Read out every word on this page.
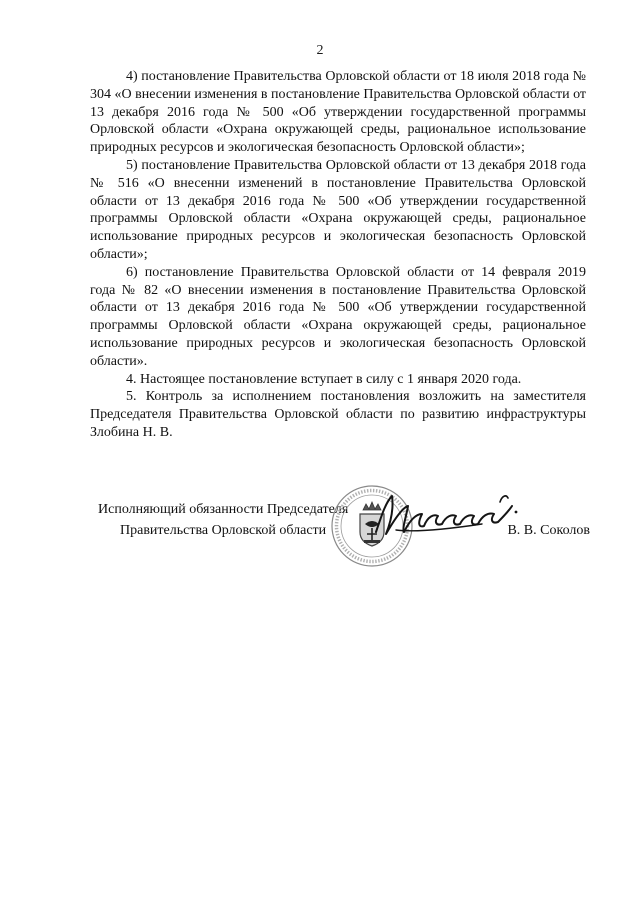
2

4) постановление Правительства Орловской области от 18 июля 2018 года № 304 «О внесении изменения в постановление Правительства Орловской области от 13 декабря 2016 года № 500 «Об утверждении государственной программы Орловской области «Охрана окружающей среды, рациональное использование природных ресурсов и экологическая безопасность Орловской области»;

5) постановление Правительства Орловской области от 13 декабря 2018 года № 516 «О внесенни изменений в постановление Правительства Орловской области от 13 декабря 2016 года № 500 «Об утверждении государственной программы Орловской области «Охрана окружающей среды, рациональное использование природных ресурсов и экологическая безопасность Орловской области»;

6) постановление Правительства Орловской области от 14 февраля 2019 года № 82 «О внесении изменения в постановление Правительства Орловской области от 13 декабря 2016 года № 500 «Об утверждении государственной программы Орловской области «Охрана окружающей среды, рациональное использование природных ресурсов и экологическая безопасность Орловской области».

4. Настоящее постановление вступает в силу с 1 января 2020 года.

5. Контроль за исполнением постановления возложить на заместителя Председателя Правительства Орловской области по развитию инфраструктуры Злобина Н. В.

Исполняющий обязанности Председателя
Правительства Орловской области	В. В. Соколов
